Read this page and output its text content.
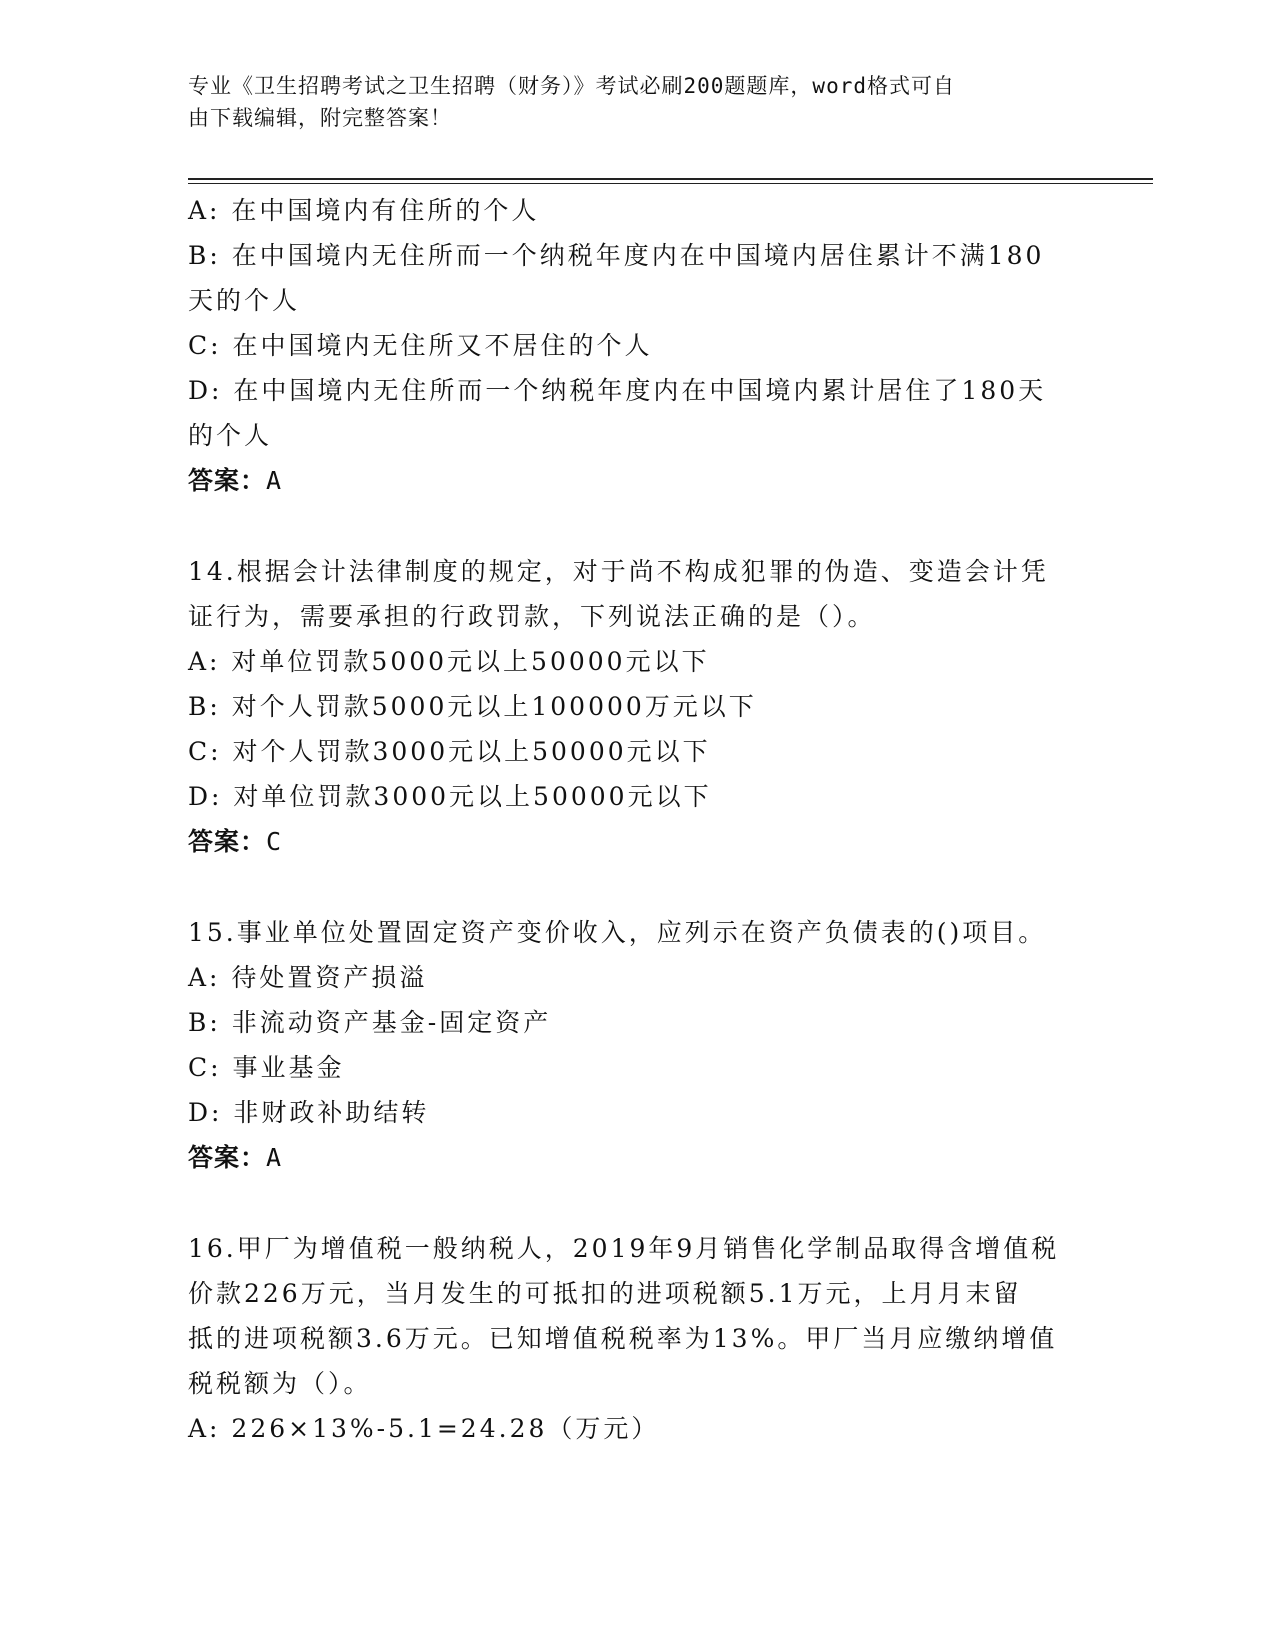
专业《卫生招聘考试之卫生招聘（财务）》考试必刷200题题库，word格式可自
由下载编辑，附完整答案！
A: 在中国境内有住所的个人
B: 在中国境内无住所而一个纳税年度内在中国境内居住累计不满180
天的个人
C: 在中国境内无住所又不居住的个人
D: 在中国境内无住所而一个纳税年度内在中国境内累计居住了180天
的个人
答案：A
14.根据会计法律制度的规定，对于尚不构成犯罪的伪造、变造会计凭
证行为，需要承担的行政罚款，下列说法正确的是（）。
A: 对单位罚款5000元以上50000元以下
B: 对个人罚款5000元以上100000万元以下
C: 对个人罚款3000元以上50000元以下
D: 对单位罚款3000元以上50000元以下
答案：C
15.事业单位处置固定资产变价收入，应列示在资产负债表的()项目。
A: 待处置资产损溢
B: 非流动资产基金-固定资产
C: 事业基金
D: 非财政补助结转
答案：A
16.甲厂为增值税一般纳税人，2019年9月销售化学制品取得含增值税
价款226万元，当月发生的可抵扣的进项税额5.1万元，上月月末留
抵的进项税额3.6万元。已知增值税税率为13%。甲厂当月应缴纳增值
税税额为（）。
A: 226×13%-5.1=24.28（万元）
